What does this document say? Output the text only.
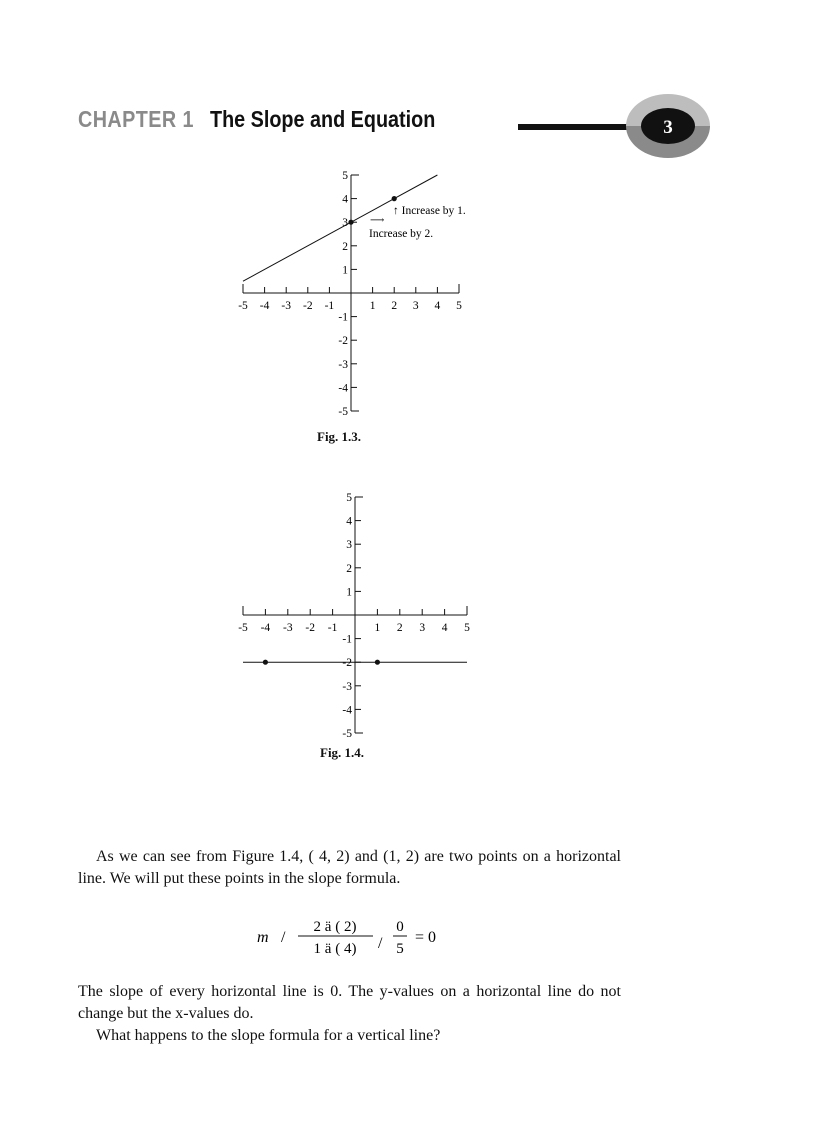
CHAPTER 1 The Slope and Equation	3
-5 -4 -3 -2 -1	1 2 3 4 5
5
4
3
2
1
-1
-2
-3
-4
-5
↑ Increase by 1.
⟶
Increase by 2.
Fig. 1.3.
-5 -4 -3 -2 -1	1 2 3 4 5
5
4
3
2
1
-1
-2
-3
-4
-5
Fig. 1.4.

As we can see from Figure 1.4, ( 4, 2) and (1, 2) are two points on a horizontal line. We will put these points in the slope formula.

m /
2 ä ( 2)
1 ä ( 4) /
0
5
= 0

The slope of every horizontal line is 0. The y-values on a horizontal line do not change but the x-values do.

What happens to the slope formula for a vertical line?
